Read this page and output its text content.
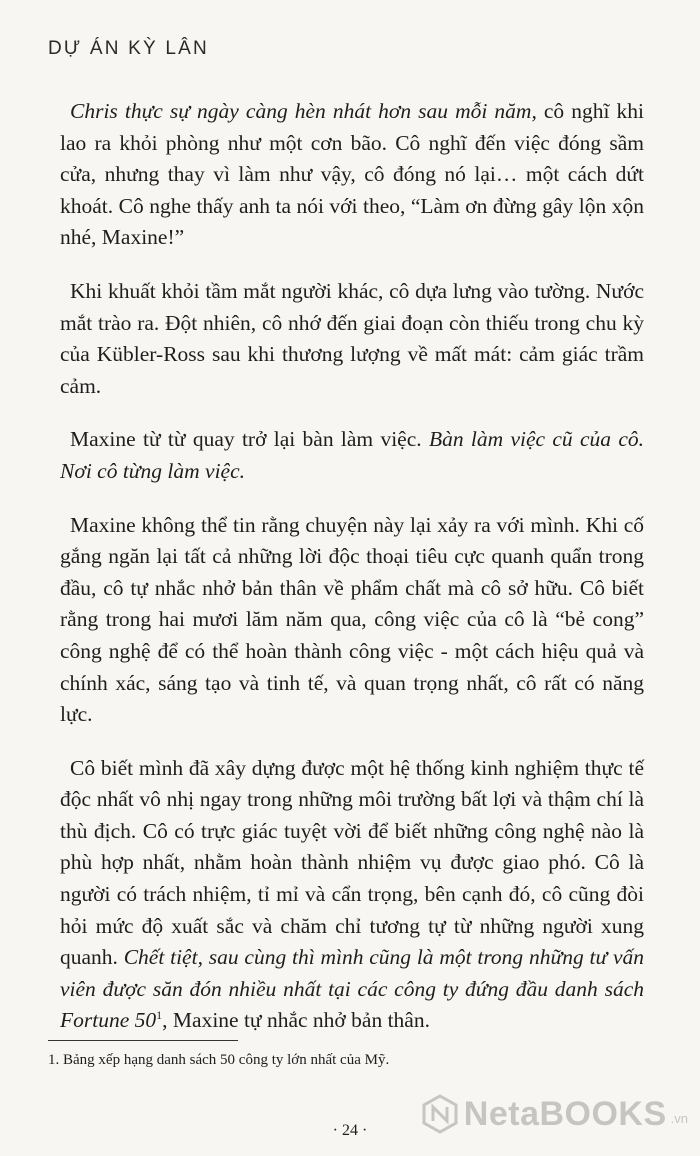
DỰ ÁN KỲ LÂN

Chris thực sự ngày càng hèn nhát hơn sau mỗi năm, cô nghĩ khi lao ra khỏi phòng như một cơn bão. Cô nghĩ đến việc đóng sầm cửa, nhưng thay vì làm như vậy, cô đóng nó lại… một cách dứt khoát. Cô nghe thấy anh ta nói với theo, “Làm ơn đừng gây lộn xộn nhé, Maxine!”

Khi khuất khỏi tầm mắt người khác, cô dựa lưng vào tường. Nước mắt trào ra. Đột nhiên, cô nhớ đến giai đoạn còn thiếu trong chu kỳ của Kübler-Ross sau khi thương lượng về mất mát: cảm giác trầm cảm.

Maxine từ từ quay trở lại bàn làm việc. Bàn làm việc cũ của cô. Nơi cô từng làm việc.

Maxine không thể tin rằng chuyện này lại xảy ra với mình. Khi cố gắng ngăn lại tất cả những lời độc thoại tiêu cực quanh quẩn trong đầu, cô tự nhắc nhở bản thân về phẩm chất mà cô sở hữu. Cô biết rằng trong hai mươi lăm năm qua, công việc của cô là “bẻ cong” công nghệ để có thể hoàn thành công việc - một cách hiệu quả và chính xác, sáng tạo và tinh tế, và quan trọng nhất, cô rất có năng lực.

Cô biết mình đã xây dựng được một hệ thống kinh nghiệm thực tế độc nhất vô nhị ngay trong những môi trường bất lợi và thậm chí là thù địch. Cô có trực giác tuyệt vời để biết những công nghệ nào là phù hợp nhất, nhằm hoàn thành nhiệm vụ được giao phó. Cô là người có trách nhiệm, tỉ mỉ và cẩn trọng, bên cạnh đó, cô cũng đòi hỏi mức độ xuất sắc và chăm chỉ tương tự từ những người xung quanh. Chết tiệt, sau cùng thì mình cũng là một trong những tư vấn viên được săn đón nhiều nhất tại các công ty đứng đầu danh sách Fortune $50^1$, Maxine tự nhắc nhở bản thân.

1. Bảng xếp hạng danh sách 50 công ty lớn nhất của Mỹ.

· 24 ·	NetaBOOKS .vn
